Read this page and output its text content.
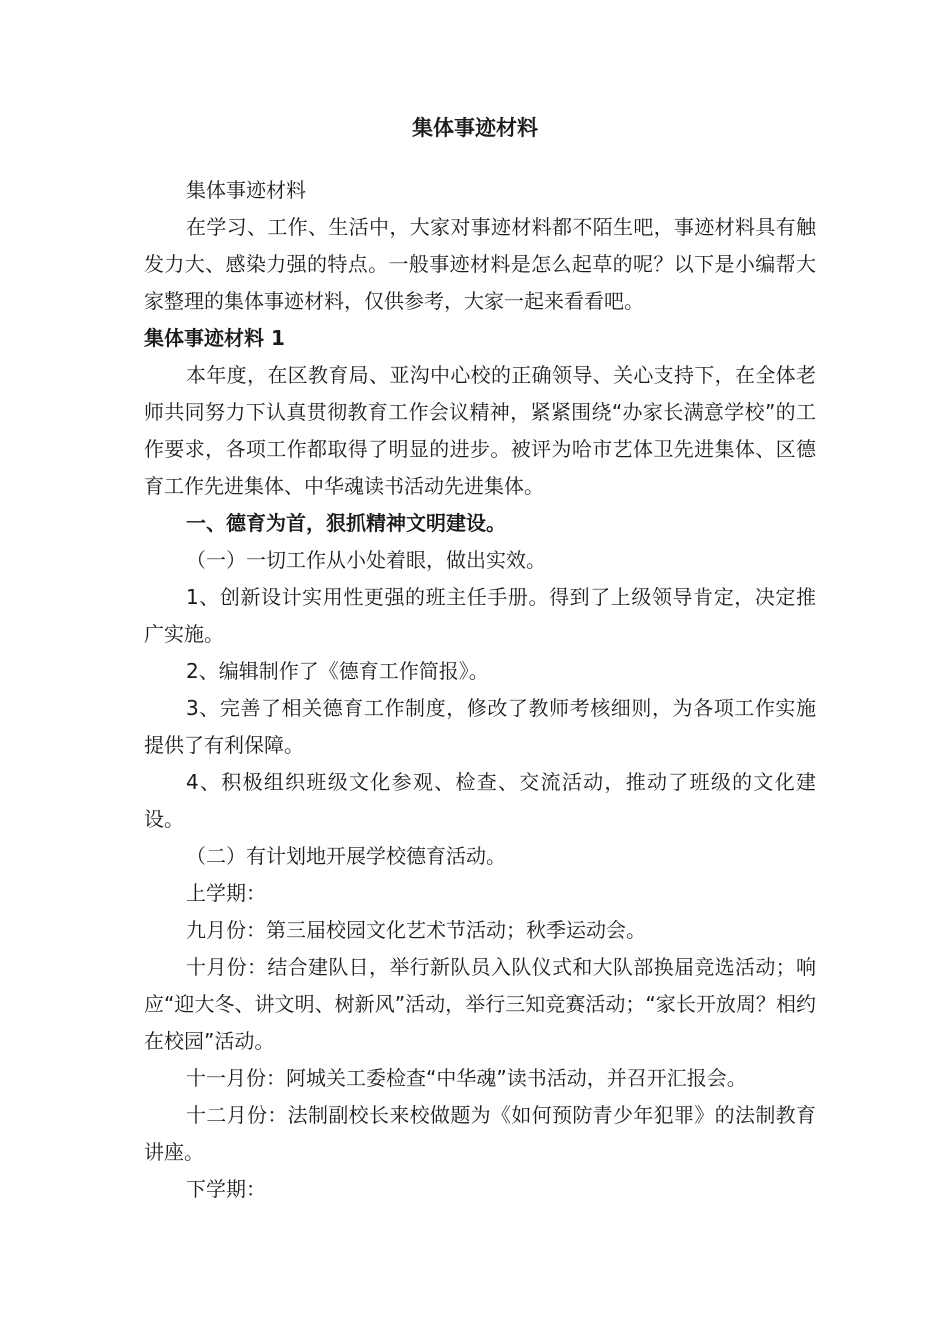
集体事迹材料

集体事迹材料

在学习、工作、生活中，大家对事迹材料都不陌生吧，事迹材料具有触发力大、感染力强的特点。一般事迹材料是怎么起草的呢？以下是小编帮大家整理的集体事迹材料，仅供参考，大家一起来看看吧。

集体事迹材料 1

本年度，在区教育局、亚沟中心校的正确领导、关心支持下，在全体老师共同努力下认真贯彻教育工作会议精神，紧紧围绕“办家长满意学校”的工作要求，各项工作都取得了明显的进步。被评为哈市艺体卫先进集体、区德育工作先进集体、中华魂读书活动先进集体。

一、德育为首，狠抓精神文明建设。

（一）一切工作从小处着眼，做出实效。

1、创新设计实用性更强的班主任手册。得到了上级领导肯定，决定推广实施。

2、编辑制作了《德育工作简报》。

3、完善了相关德育工作制度，修改了教师考核细则，为各项工作实施提供了有利保障。

4、积极组织班级文化参观、检查、交流活动，推动了班级的文化建设。

（二）有计划地开展学校德育活动。

上学期：

九月份：第三届校园文化艺术节活动；秋季运动会。

十月份：结合建队日，举行新队员入队仪式和大队部换届竞选活动；响应“迎大冬、讲文明、树新风”活动，举行三知竞赛活动；“家长开放周？相约在校园”活动。

十一月份：阿城关工委检查“中华魂”读书活动，并召开汇报会。

十二月份：法制副校长来校做题为《如何预防青少年犯罪》的法制教育讲座。

下学期：
